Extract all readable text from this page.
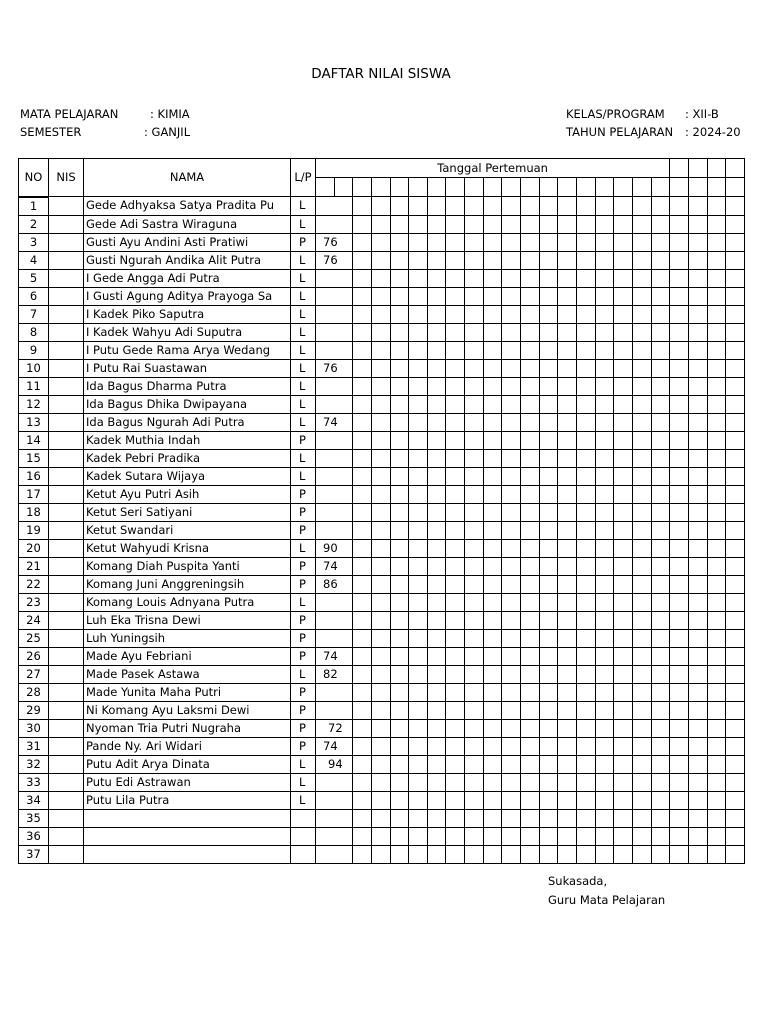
DAFTAR NILAI SISWA
MATA PELAJARAN	: KIMIA
SEMESTER	: GANJIL
KELAS/PROGRAM : XII-B
TAHUN PELAJARAN : 2024-20
NO	NIS	NAMA	L/P	Tanggal Pertemuan																						

1		Gede Adhyaksa Satya Pradita Pu	L																							
2		Gede Adi Sastra Wiraguna	L																							
3		Gusti Ayu Andini Asti Pratiwi	P	76																						
4		Gusti Ngurah Andika Alit Putra	L	76																						
5		I Gede Angga Adi Putra	L																							
6		I Gusti Agung Aditya Prayoga Sa	L																							
7		I Kadek Piko Saputra	L																							
8		I Kadek Wahyu Adi Suputra	L																							
9		I Putu Gede Rama Arya Wedang	L																							
10		I Putu Rai Suastawan	L	76																						
11		Ida Bagus Dharma Putra	L																							
12		Ida Bagus Dhika Dwipayana	L																							
13		Ida Bagus Ngurah Adi Putra	L	74																						
14		Kadek Muthia Indah	P																							
15		Kadek Pebri Pradika	L																							
16		Kadek Sutara Wijaya	L																							
17		Ketut Ayu Putri Asih	P																							
18		Ketut Seri Satiyani	P																							
19		Ketut Swandari	P																							
20		Ketut Wahyudi Krisna	L	90																						
21		Komang Diah Puspita Yanti	P	74																						
22		Komang Juni Anggreningsih	P	86																						
23		Komang Louis Adnyana Putra	L																							
24		Luh Eka Trisna Dewi	P																							
25		Luh Yuningsih	P																							
26		Made Ayu Febriani	P	74																						
27		Made Pasek Astawa	L	82																						
28		Made Yunita Maha Putri	P																							
29		Ni Komang Ayu Laksmi Dewi	P																							
30		Nyoman Tria Putri Nugraha	P	72																						
31		Pande Ny. Ari Widari	P	74																						
32		Putu Adit Arya Dinata	L	94																						
33		Putu Edi Astrawan	L																							
34		Putu Lila Putra	L																							
35																										
36																										
37																										
Sukasada,
Guru Mata Pelajaran
